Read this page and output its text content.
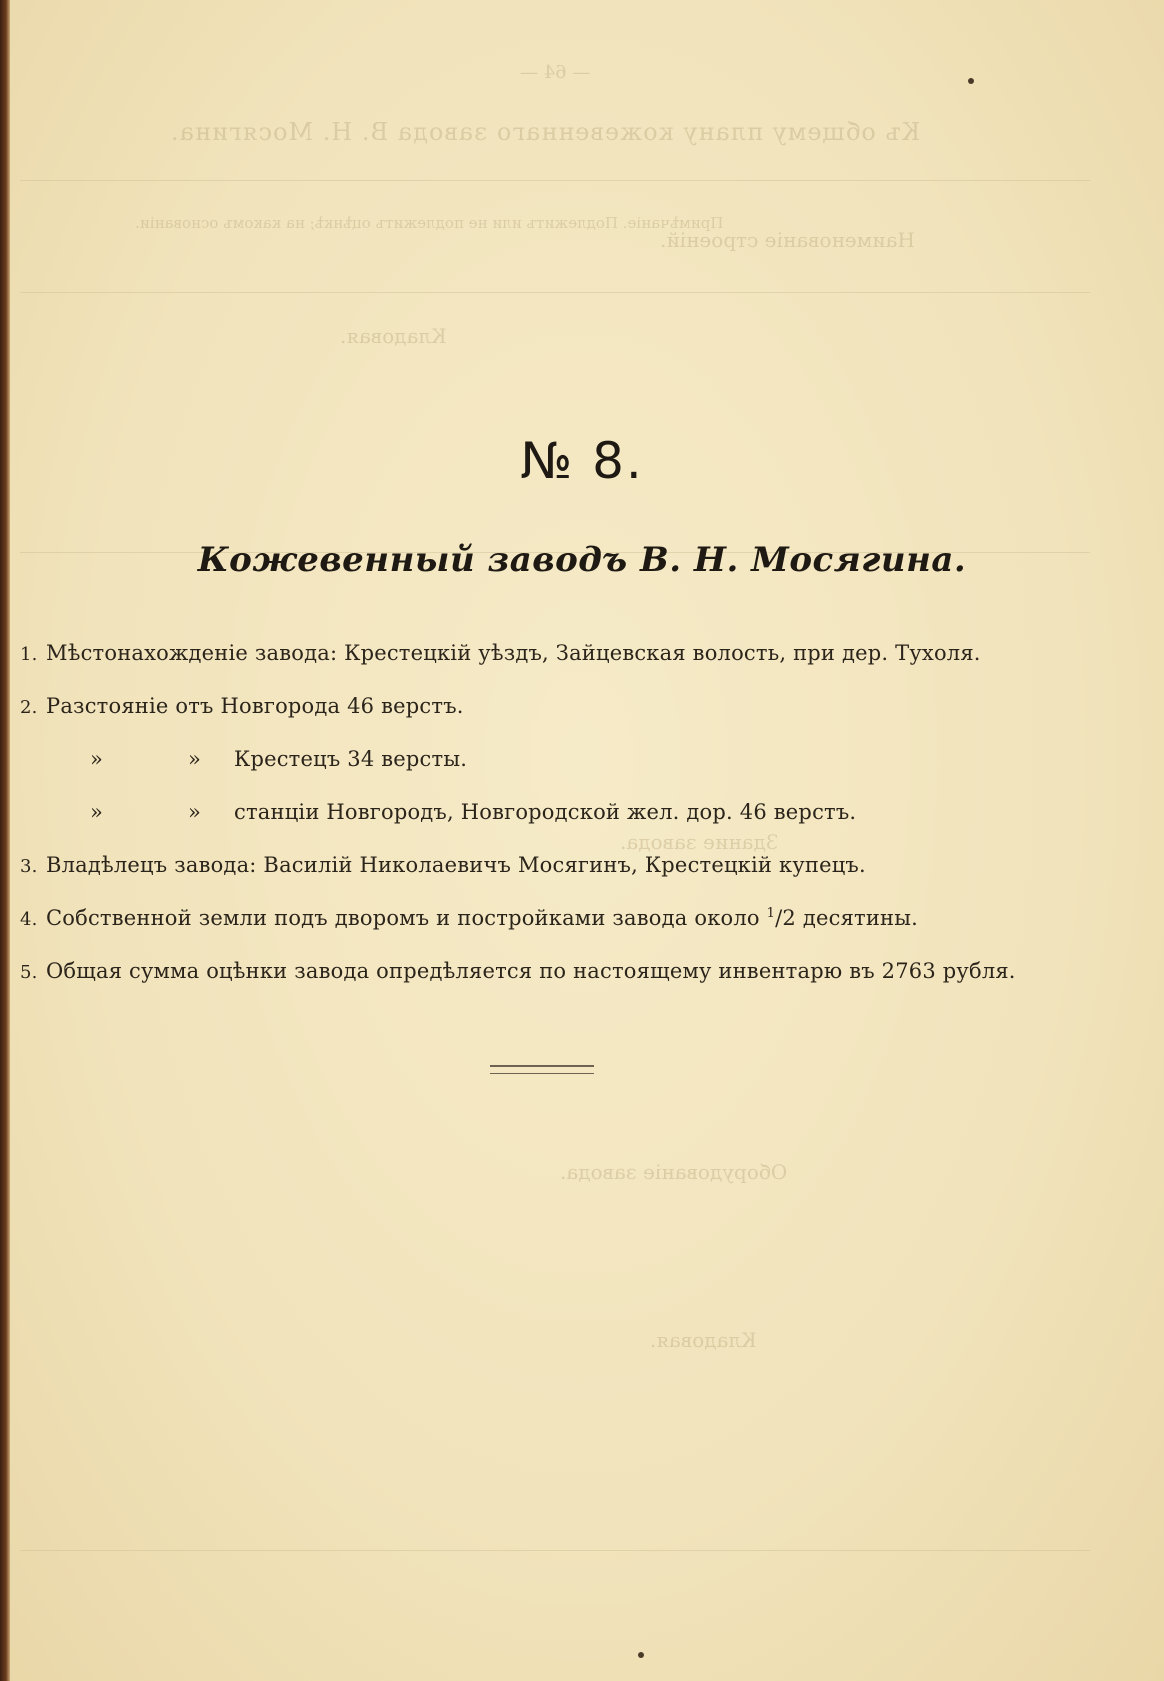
— 64 —
Къ общему плану кожевеннаго завода В. Н. Мосягина.
Наименованіе строеній.
Примѣчаніе. Подлежитъ или не подлежитъ оцѣнкѣ; на какомъ основаніи.
Кладовая.
Здание завода.
Оборудованіе завода.
Кладовая.
№ 8.
Кожевенный заводъ В. Н. Мосягина.
1. Мѣстонахожденіе завода: Крестецкій уѣздъ, Зайцевская волость, при дер. Тухоля.
2. Разстояніе отъ Новгорода 46 верстъ.
»	» Крестецъ 34 версты.
»	» станціи Новгородъ, Новгородской жел. дор. 46 верстъ.
3. Владѣлецъ завода: Василій Николаевичъ Мосягинъ, Крестецкій купецъ.
4. Собственной земли подъ дворомъ и постройками завода около $^1$/2 десятины.
5. Общая сумма оцѣнки завода опредѣляется по настоящему инвентарю въ 2763 рубля.
